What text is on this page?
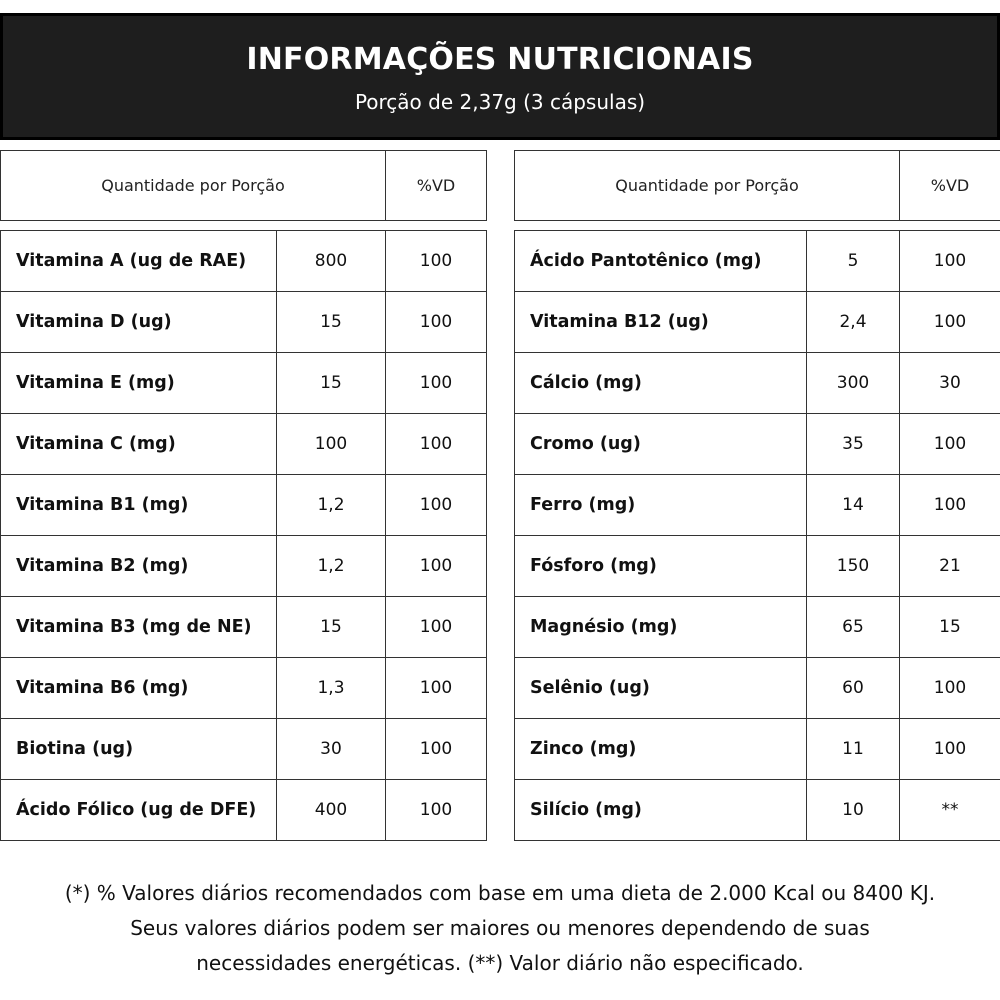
INFORMAÇÕES NUTRICIONAIS
Porção de 2,37g (3 cápsulas)
Quantidade por Porção	%VD	Quantidade por Porção	%VD
Vitamina A (ug de RAE)	800	100
Vitamina D (ug)	15	100
Vitamina E (mg)	15	100
Vitamina C (mg)	100	100
Vitamina B1 (mg)	1,2	100
Vitamina B2 (mg)	1,2	100
Vitamina B3 (mg de NE)	15	100
Vitamina B6 (mg)	1,3	100
Biotina (ug)	30	100
Ácido Fólico (ug de DFE)	400	100
Ácido Pantotênico (mg)	5	100
Vitamina B12 (ug)	2,4	100
Cálcio (mg)	300	30
Cromo (ug)	35	100
Ferro (mg)	14	100
Fósforo (mg)	150	21
Magnésio (mg)	65	15
Selênio (ug)	60	100
Zinco (mg)	11	100
Silício (mg)	10	**
(*) % Valores diários recomendados com base em uma dieta de 2.000 Kcal ou 8400 KJ.
Seus valores diários podem ser maiores ou menores dependendo de suas
necessidades energéticas. (**) Valor diário não especificado.
